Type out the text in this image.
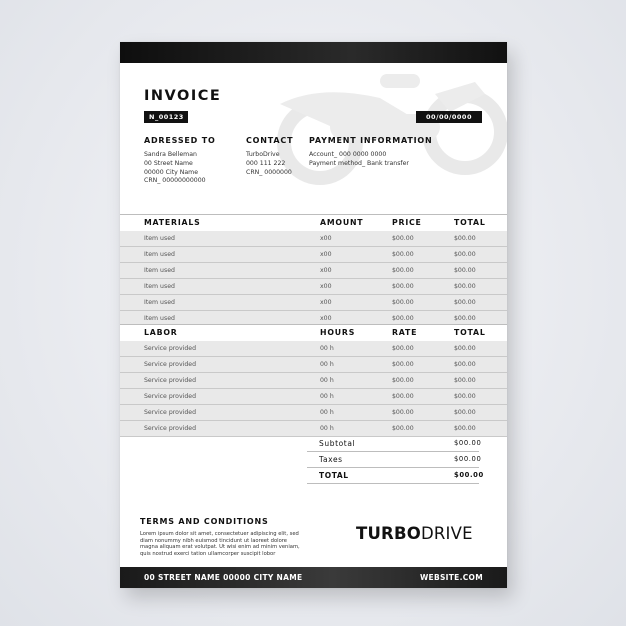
INVOICE
N_00123	00/00/0000
ADRESSED TO
Sandra Belleman
00 Street Name
00000 City Name
CRN_ 00000000000
CONTACT
TurboDrive
000 111 222
CRN_ 0000000
PAYMENT INFORMATION
Account_ 000 0000 0000
Payment method_ Bank transfer
MATERIALS	AMOUNT	PRICE	TOTAL
Item used	x00	$00.00	$00.00
Item used	x00	$00.00	$00.00
Item used	x00	$00.00	$00.00
Item used	x00	$00.00	$00.00
Item used	x00	$00.00	$00.00
Item used	x00	$00.00	$00.00
LABOR	HOURS	RATE	TOTAL
Service provided	00 h	$00.00	$00.00
Service provided	00 h	$00.00	$00.00
Service provided	00 h	$00.00	$00.00
Service provided	00 h	$00.00	$00.00
Service provided	00 h	$00.00	$00.00
Service provided	00 h	$00.00	$00.00
Subtotal	$00.00
Taxes	$00.00
TOTAL	$00.00
TERMS AND CONDITIONS
Lorem ipsum dolor sit amet, consectetuer adipiscing elit, sed diam nonummy nibh euismod tincidunt ut laoreet dolore magna aliquam erat volutpat. Ut wisi enim ad minim veniam, quis nostrud exerci tation ullamcorper suscipit lobor
TURBODRIVE
00 STREET NAME 00000 CITY NAME	WEBSITE.COM
